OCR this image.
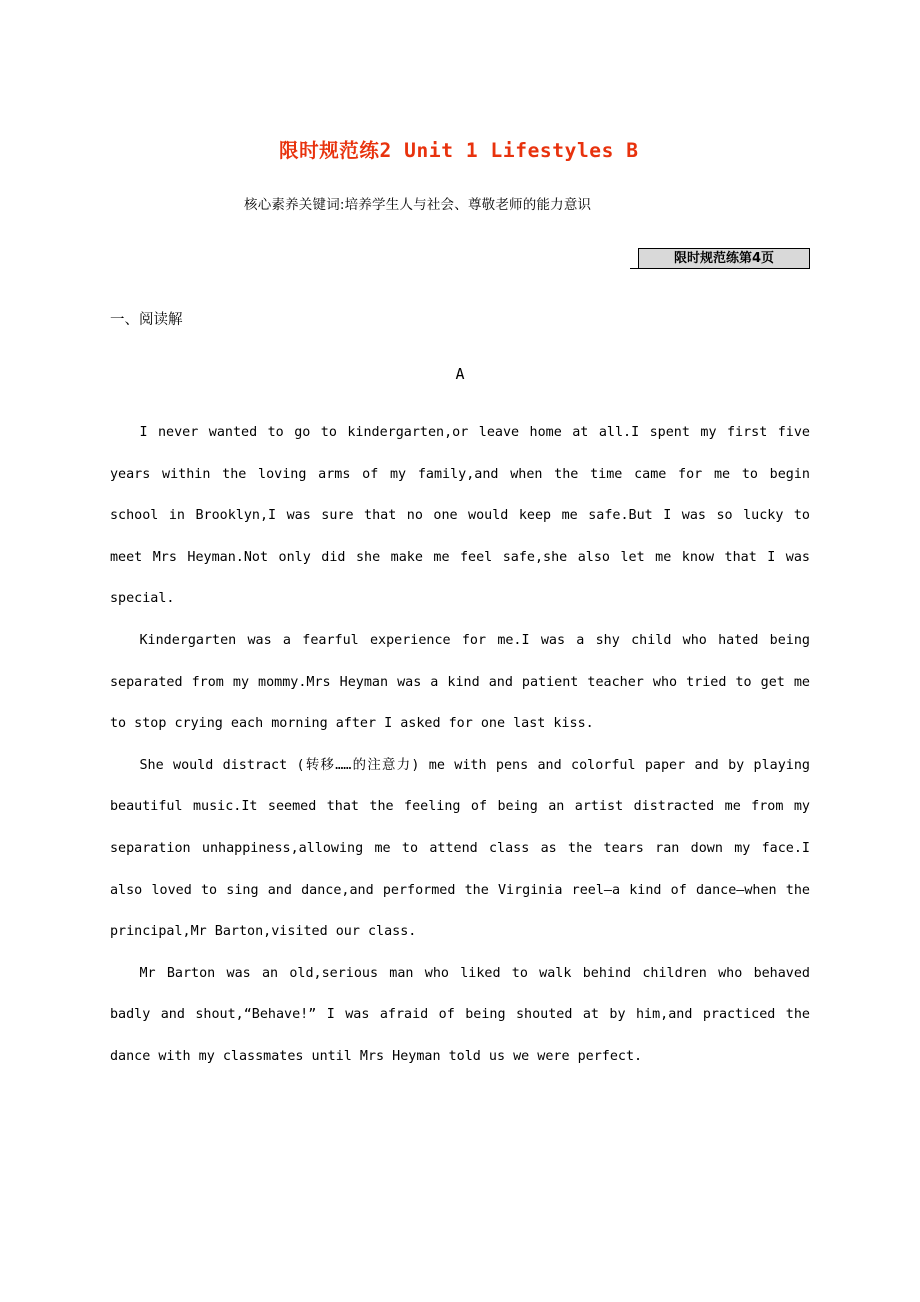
限时规范练2 Unit 1 Lifestyles B
核心素养关键词:培养学生人与社会、尊敬老师的能力意识
限时规范练第4页
一、阅读解
A

I never wanted to go to kindergarten,or leave home at all.I spent my first five years within the loving arms of my family,and when the time came for me to begin school in Brooklyn,I was sure that no one would keep me safe.But I was so lucky to meet Mrs Heyman.Not only did she make me feel safe,she also let me know that I was special.

Kindergarten was a fearful experience for me.I was a shy child who hated being separated from my mommy.Mrs Heyman was a kind and patient teacher who tried to get me to stop crying each morning after I asked for one last kiss.

She would distract (转移……的注意力) me with pens and colorful paper and by playing beautiful music.It seemed that the feeling of being an artist distracted me from my separation unhappiness,allowing me to attend class as the tears ran down my face.I also loved to sing and dance,and performed the Virginia reel—a kind of dance—when the principal,Mr Barton,visited our class.

Mr Barton was an old,serious man who liked to walk behind children who behaved badly and shout,“Behave!” I was afraid of being shouted at by him,and practiced the dance with my classmates until Mrs Heyman told us we were perfect.
